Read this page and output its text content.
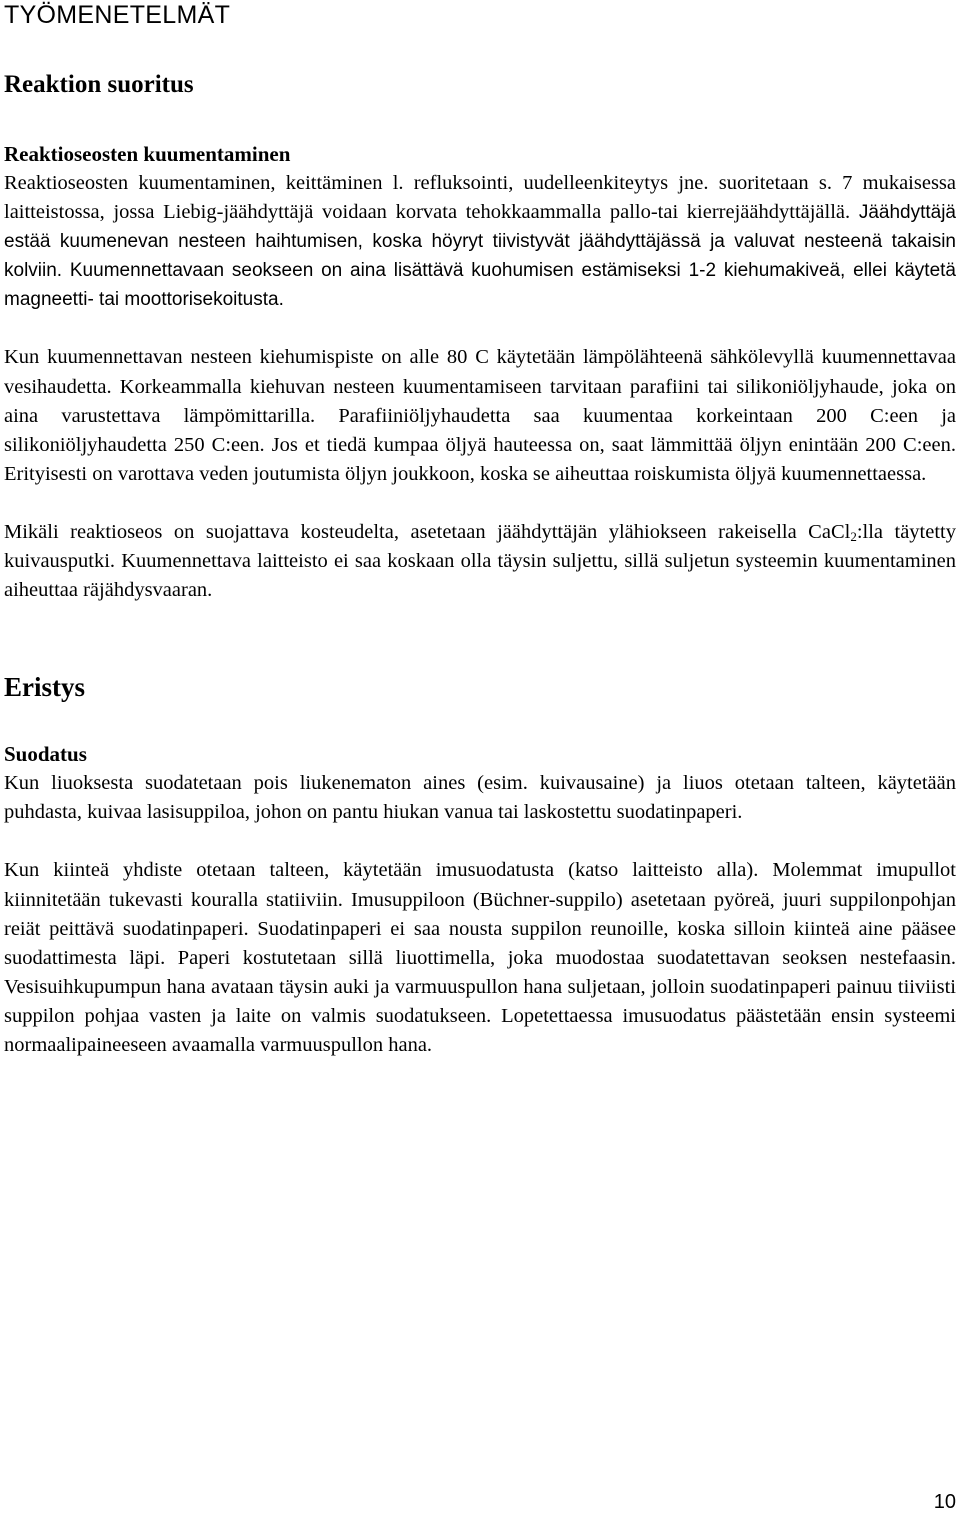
TYÖMENETELMÄT
Reaktion suoritus
Reaktioseosten kuumentaminen

Reaktioseosten kuumentaminen, keittäminen l. refluksointi, uudelleenkiteytys jne. suoritetaan s. 7 mukaisessa laitteistossa, jossa Liebig-jäähdyttäjä voidaan korvata tehokkaammalla pallo-tai kierrejäähdyttäjällä. Jäähdyttäjä estää kuumenevan nesteen haihtumisen, koska höyryt tiivistyvät jäähdyttäjässä ja valuvat nesteenä takaisin kolviin. Kuumennettavaan seokseen on aina lisättävä kuohumisen estämiseksi 1-2 kiehumakiveä, ellei käytetä magneetti- tai moottorisekoitusta.

Kun kuumennettavan nesteen kiehumispiste on alle 80 C käytetään lämpölähteenä sähkölevyllä kuumennettavaa vesihaudetta. Korkeammalla kiehuvan nesteen kuumentamiseen tarvitaan parafiini tai silikoniöljyhaude, joka on aina varustettava lämpömittarilla. Parafiiniöljyhaudetta saa kuumentaa korkeintaan 200 C:een ja silikoniöljyhaudetta 250 C:een. Jos et tiedä kumpaa öljyä hauteessa on, saat lämmittää öljyn enintään 200 C:een. Erityisesti on varottava veden joutumista öljyn joukkoon, koska se aiheuttaa roiskumista öljyä kuumennettaessa.

Mikäli reaktioseos on suojattava kosteudelta, asetetaan jäähdyttäjän ylähiokseen rakeisella CaCl$_2$:lla täytetty kuivausputki. Kuumennettava laitteisto ei saa koskaan olla täysin suljettu, sillä suljetun systeemin kuumentaminen aiheuttaa räjähdysvaaran.

Eristys
Suodatus

Kun liuoksesta suodatetaan pois liukenematon aines (esim. kuivausaine) ja liuos otetaan talteen, käytetään puhdasta, kuivaa lasisuppiloa, johon on pantu hiukan vanua tai laskostettu suodatinpaperi.

Kun kiinteä yhdiste otetaan talteen, käytetään imusuodatusta (katso laitteisto alla). Molemmat imupullot kiinnitetään tukevasti kouralla statiiviin. Imusuppiloon (Büchner-suppilo) asetetaan pyöreä, juuri suppilonpohjan reiät peittävä suodatinpaperi. Suodatinpaperi ei saa nousta suppilon reunoille, koska silloin kiinteä aine pääsee suodattimesta läpi. Paperi kostutetaan sillä liuottimella, joka muodostaa suodatettavan seoksen nestefaasin. Vesisuihkupumpun hana avataan täysin auki ja varmuuspullon hana suljetaan, jolloin suodatinpaperi painuu tiiviisti suppilon pohjaa vasten ja laite on valmis suodatukseen. Lopetettaessa imusuodatus päästetään ensin systeemi normaalipaineeseen avaamalla varmuuspullon hana.

10
